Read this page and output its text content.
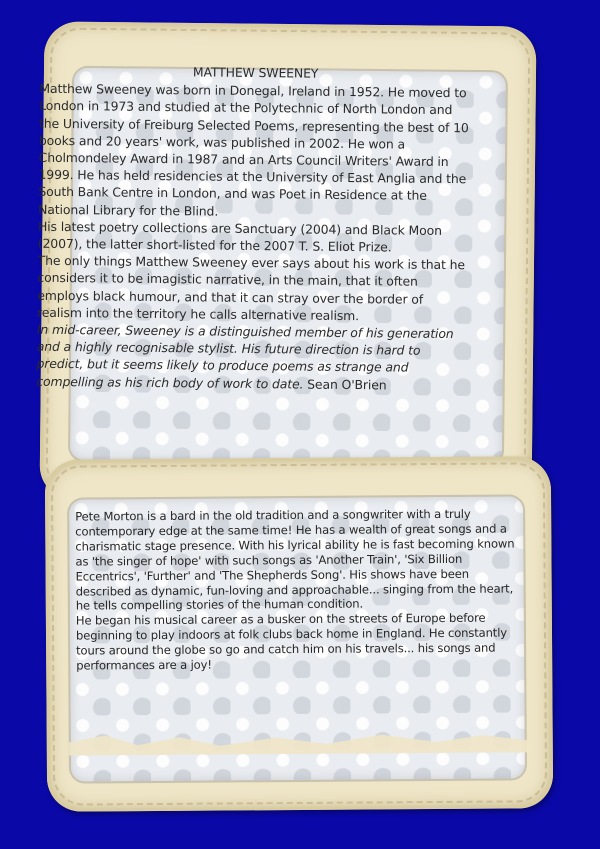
MATTHEW SWEENEY

Matthew Sweeney was born in Donegal, Ireland in 1952. He moved to London in 1973 and studied at the Polytechnic of North London and the University of Freiburg Selected Poems, representing the best of 10 books and 20 years' work, was published in 2002. He won a Cholmondeley Award in 1987 and an Arts Council Writers' Award in 1999. He has held residencies at the University of East Anglia and the South Bank Centre in London, and was Poet in Residence at the National Library for the Blind.

His latest poetry collections are Sanctuary (2004) and Black Moon (2007), the latter short-listed for the 2007 T. S. Eliot Prize.

The only things Matthew Sweeney ever says about his work is that he considers it to be imagistic narrative, in the main, that it often employs black humour, and that it can stray over the border of realism into the territory he calls alternative realism.

In mid-career, Sweeney is a distinguished member of his generation and a highly recognisable stylist. His future direction is hard to predict, but it seems likely to produce poems as strange and compelling as his rich body of work to date. Sean O'Brien

Pete Morton is a bard in the old tradition and a songwriter with a truly contemporary edge at the same time! He has a wealth of great songs and a charismatic stage presence. With his lyrical ability he is fast becoming known as 'the singer of hope' with such songs as 'Another Train', 'Six Billion Eccentrics', 'Further' and 'The Shepherds Song'. His shows have been described as dynamic, fun-loving and approachable... singing from the heart, he tells compelling stories of the human condition.

He began his musical career as a busker on the streets of Europe before beginning to play indoors at folk clubs back home in England. He constantly tours around the globe so go and catch him on his travels... his songs and performances are a joy!
